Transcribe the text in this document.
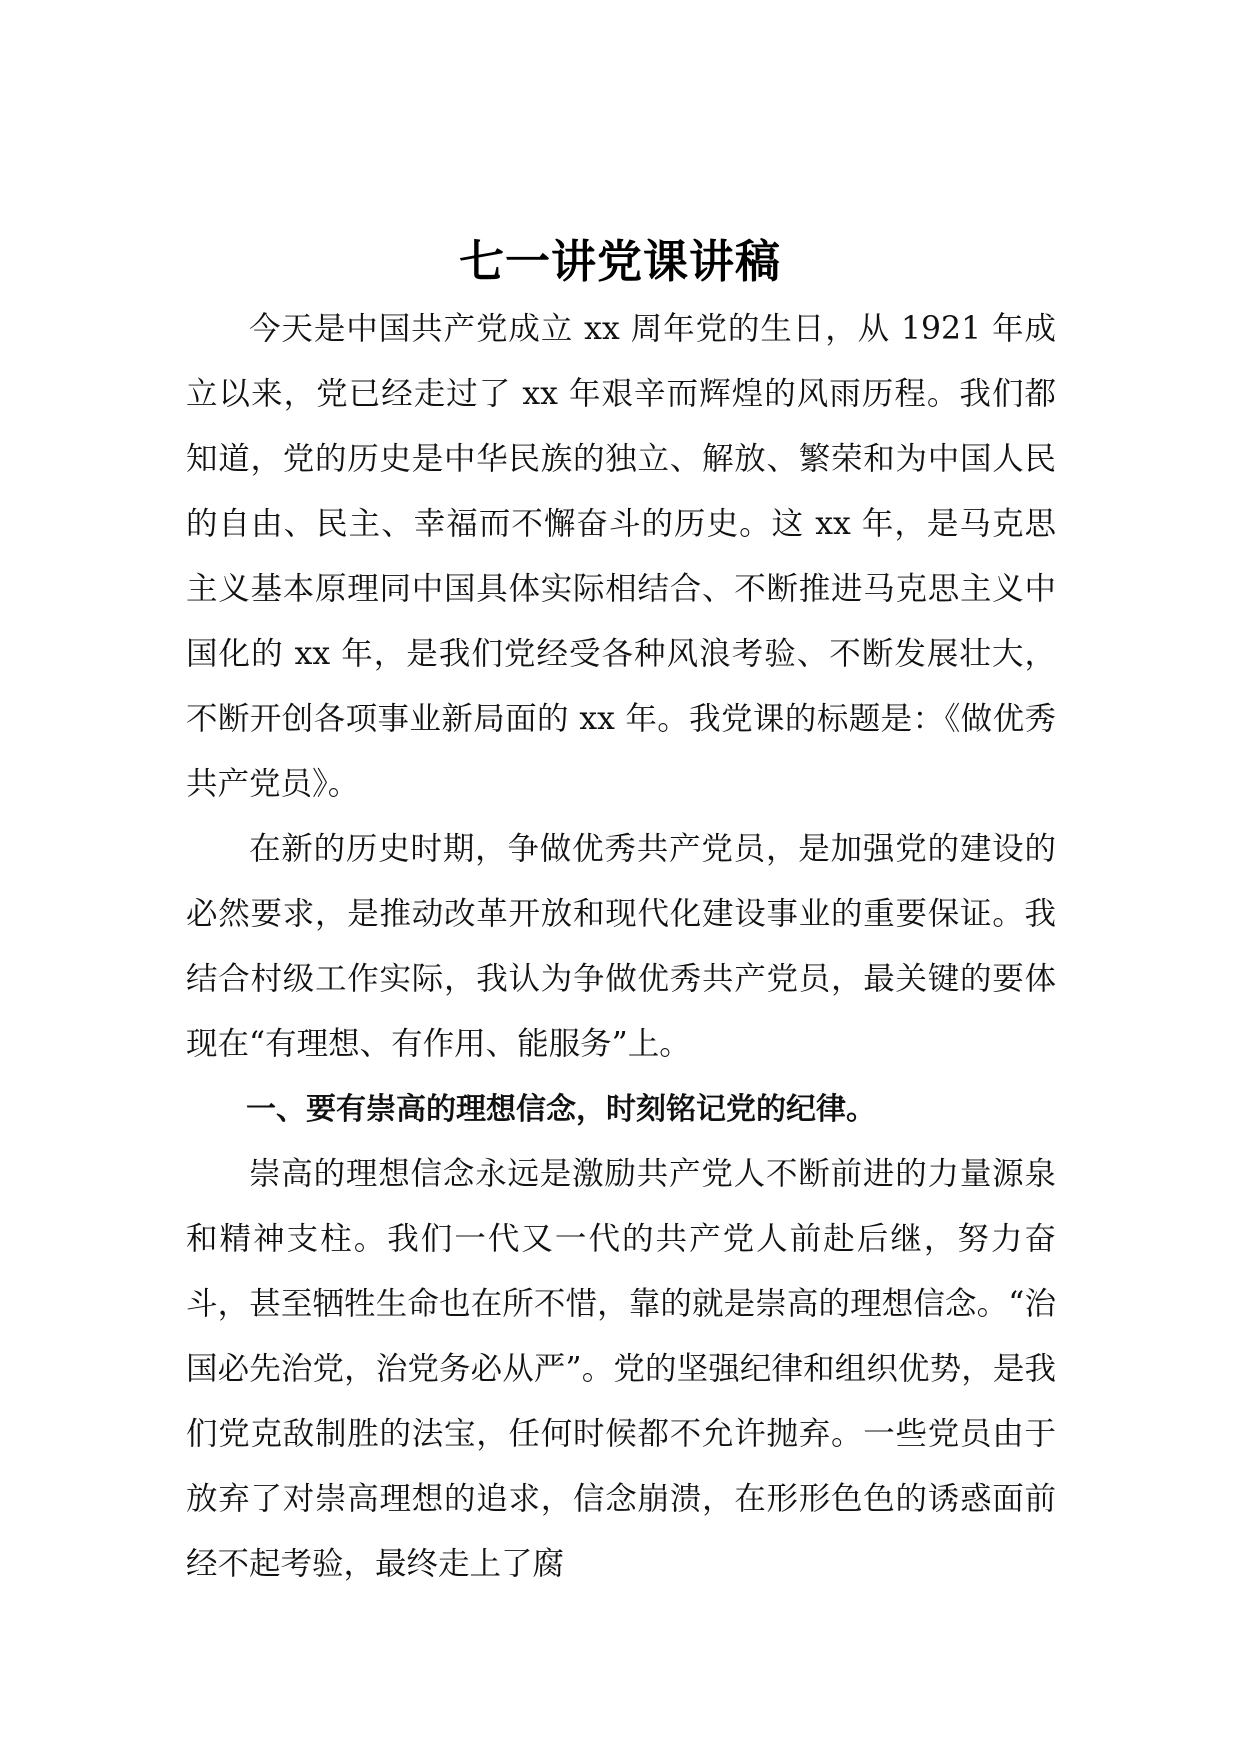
七一讲党课讲稿

今天是中国共产党成立 xx 周年党的生日，从 1921 年成立以来，党已经走过了 xx 年艰辛而辉煌的风雨历程。我们都知道，党的历史是中华民族的独立、解放、繁荣和为中国人民的自由、民主、幸福而不懈奋斗的历史。这 xx 年，是马克思主义基本原理同中国具体实际相结合、不断推进马克思主义中国化的 xx 年，是我们党经受各种风浪考验、不断发展壮大，不断开创各项事业新局面的 xx 年。我党课的标题是：《做优秀共产党员》。

在新的历史时期，争做优秀共产党员，是加强党的建设的必然要求，是推动改革开放和现代化建设事业的重要保证。我结合村级工作实际，我认为争做优秀共产党员，最关键的要体现在“有理想、有作用、能服务”上。

一、要有崇高的理想信念，时刻铭记党的纪律。

崇高的理想信念永远是激励共产党人不断前进的力量源泉和精神支柱。我们一代又一代的共产党人前赴后继，努力奋斗，甚至牺牲生命也在所不惜，靠的就是崇高的理想信念。“治国必先治党，治党务必从严”。党的坚强纪律和组织优势，是我们党克敌制胜的法宝，任何时候都不允许抛弃。一些党员由于放弃了对崇高理想的追求，信念崩溃，在形形色色的诱惑面前经不起考验，最终走上了腐
